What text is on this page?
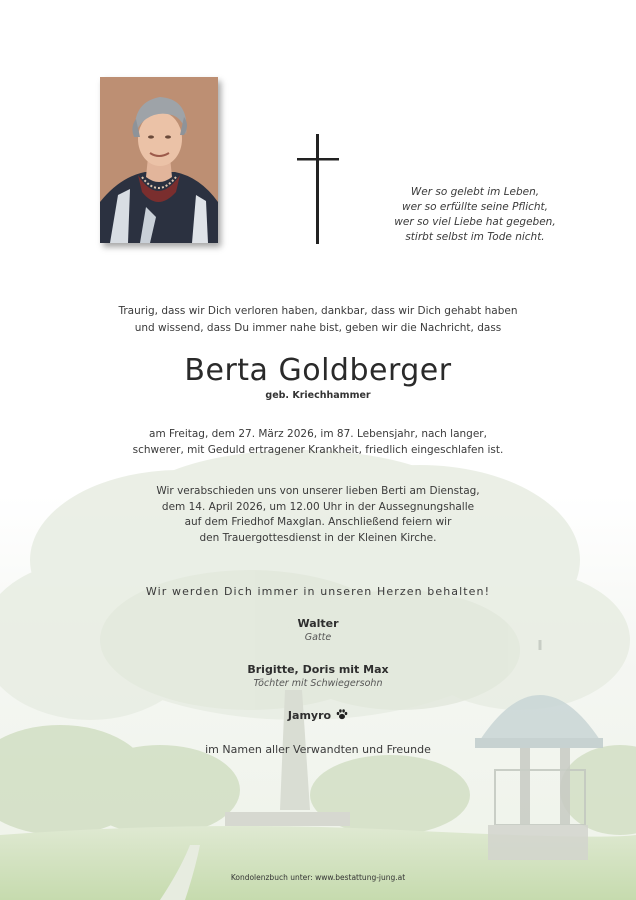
Wer so gelebt im Leben,
wer so erfüllte seine Pflicht,
wer so viel Liebe hat gegeben,
stirbt selbst im Tode nicht.
Traurig, dass wir Dich verloren haben, dankbar, dass wir Dich gehabt haben
und wissend, dass Du immer nahe bist, geben wir die Nachricht, dass
Berta Goldberger
geb. Kriechhammer
am Freitag, dem 27. März 2026, im 87. Lebensjahr, nach langer,
schwerer, mit Geduld ertragener Krankheit, friedlich eingeschlafen ist.
Wir verabschieden uns von unserer lieben Berti am Dienstag,
dem 14. April 2026, um 12.00 Uhr in der Aussegnungshalle
auf dem Friedhof Maxglan. Anschließend feiern wir
den Trauergottesdienst in der Kleinen Kirche.
Wir werden Dich immer in unseren Herzen behalten!
Walter
Gatte
Brigitte, Doris mit Max
Töchter mit Schwiegersohn
Jamyro
im Namen aller Verwandten und Freunde
Kondolenzbuch unter: www.bestattung-jung.at
